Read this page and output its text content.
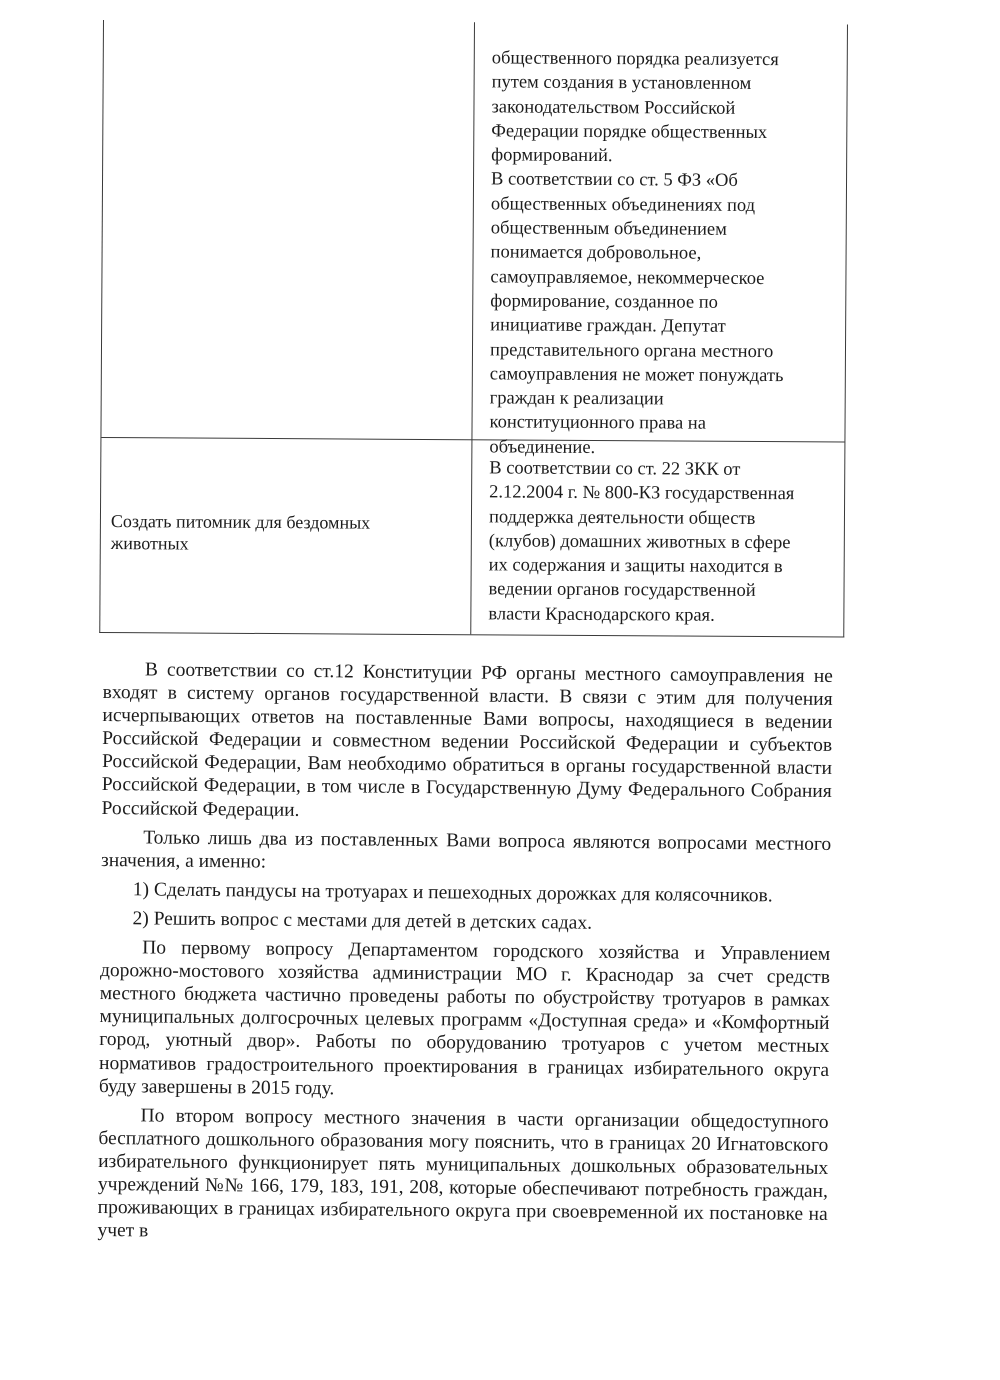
общественного порядка реализуется
путем создания в установленном
законодательством Российской
Федерации порядке общественных
формирований.
В соответствии со ст. 5 ФЗ «Об
общественных объединениях под
общественным объединением
понимается добровольное,
самоуправляемое, некоммерческое
формирование, созданное по
инициативе граждан. Депутат
представительного органа местного
самоуправления не может понуждать
граждан к реализации
конституционного права на
объединение.
Создать питомник для бездомных
животных
В соответствии со ст. 22 ЗКК от
2.12.2004 г. № 800-КЗ государственная
поддержка деятельности обществ
(клубов) домашних животных в сфере
их содержания и защиты находится в
ведении органов государственной
власти Краснодарского края.

В соответствии со ст.12 Конституции РФ органы местного самоуправления не входят в систему органов государственной власти. В связи с этим для получения исчерпывающих ответов на поставленные Вами вопросы, находящиеся в ведении Российской Федерации и совместном ведении Российской Федерации и субъектов Российской Федерации, Вам необходимо обратиться в органы государственной власти Российской Федерации, в том числе в Государственную Думу Федерального Собрания Российской Федерации.

Только лишь два из поставленных Вами вопроса являются вопросами местного значения, а именно:

1) Сделать пандусы на тротуарах и пешеходных дорожках для колясочников.

2) Решить вопрос с местами для детей в детских садах.

По первому вопросу Департаментом городского хозяйства и Управлением дорожно-мостового хозяйства администрации МО г. Краснодар за счет средств местного бюджета частично проведены работы по обустройству тротуаров в рамках муниципальных долгосрочных целевых программ «Доступная среда» и «Комфортный город, уютный двор». Работы по оборудованию тротуаров с учетом местных нормативов градостроительного проектирования в границах избирательного округа буду завершены в 2015 году.

По втором вопросу местного значения в части организации общедоступного бесплатного дошкольного образования могу пояснить, что в границах 20 Игнатовского избирательного функционирует пять муниципальных дошкольных образовательных учреждений №№ 166, 179, 183, 191, 208, которые обеспечивают потребность граждан, проживающих в границах избирательного округа при своевременной их постановке на учет в
